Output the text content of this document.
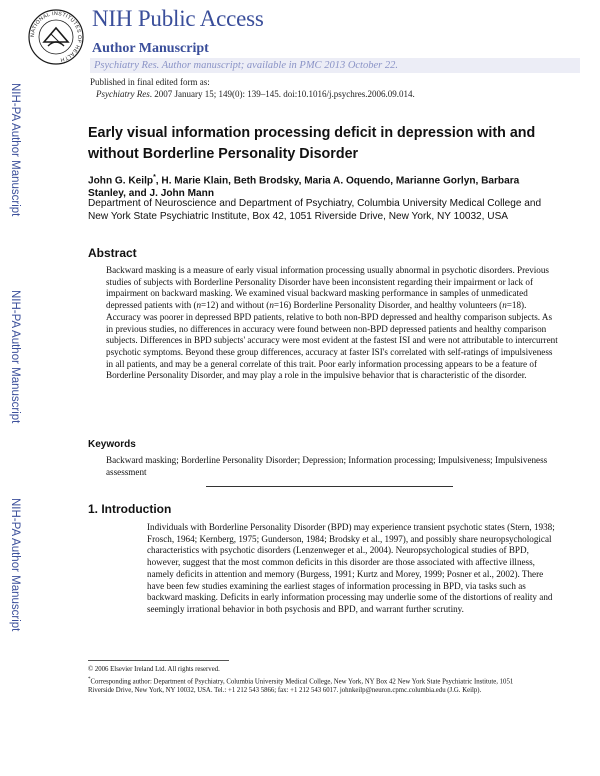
NATIONAL INSTITUTES OF HEALTH
NIH Public Access
Author Manuscript
Psychiatry Res. Author manuscript; available in PMC 2013 October 22.
Published in final edited form as:
Psychiatry Res. 2007 January 15; 149(0): 139–145. doi:10.1016/j.psychres.2006.09.014.
NIH-PA Author Manuscript
NIH-PA Author Manuscript
NIH-PA Author Manuscript
Early visual information processing deficit in depression with and without Borderline Personality Disorder
John G. Keilp*, H. Marie Klain, Beth Brodsky, Maria A. Oquendo, Marianne Gorlyn, Barbara Stanley, and J. John Mann
Department of Neuroscience and Department of Psychiatry, Columbia University Medical College and New York State Psychiatric Institute, Box 42, 1051 Riverside Drive, New York, NY 10032, USA
Abstract
Backward masking is a measure of early visual information processing usually abnormal in psychotic disorders. Previous studies of subjects with Borderline Personality Disorder have been inconsistent regarding their impairment or lack of impairment on backward masking. We examined visual backward masking performance in samples of unmedicated depressed patients with (n=12) and without (n=16) Borderline Personality Disorder, and healthy volunteers (n=18). Accuracy was poorer in depressed BPD patients, relative to both non-BPD depressed and healthy comparison subjects. As in previous studies, no differences in accuracy were found between non-BPD depressed patients and healthy comparison subjects. Differences in BPD subjects' accuracy were most evident at the fastest ISI and were not attributable to intercurrent psychotic symptoms. Beyond these group differences, accuracy at faster ISI's correlated with self-ratings of impulsiveness in all patients, and may be a general correlate of this trait. Poor early information processing appears to be a feature of Borderline Personality Disorder, and may play a role in the impulsive behavior that is characteristic of the disorder.
Keywords
Backward masking; Borderline Personality Disorder; Depression; Information processing; Impulsiveness; Impulsiveness assessment
1. Introduction
Individuals with Borderline Personality Disorder (BPD) may experience transient psychotic states (Stern, 1938; Frosch, 1964; Kernberg, 1975; Gunderson, 1984; Brodsky et al., 1997), and possibly share neuropsychological characteristics with psychotic disorders (Lenzenweger et al., 2004). Neuropsychological studies of BPD, however, suggest that the most common deficits in this disorder are those associated with affective illness, namely deficits in attention and memory (Burgess, 1991; Kurtz and Morey, 1999; Posner et al., 2002). There have been few studies examining the earliest stages of information processing in BPD, via tasks such as backward masking. Deficits in early information processing may underlie some of the distortions of reality and seemingly irrational behavior in both psychosis and BPD, and warrant further scrutiny.

© 2006 Elsevier Ireland Ltd. All rights reserved.

*Corresponding author: Department of Psychiatry, Columbia University Medical College, New York, NY Box 42 New York State Psychiatric Institute, 1051 Riverside Drive, New York, NY 10032, USA. Tel.: +1 212 543 5866; fax: +1 212 543 6017. johnkeilp@neuron.cpmc.columbia.edu (J.G. Keilp).
